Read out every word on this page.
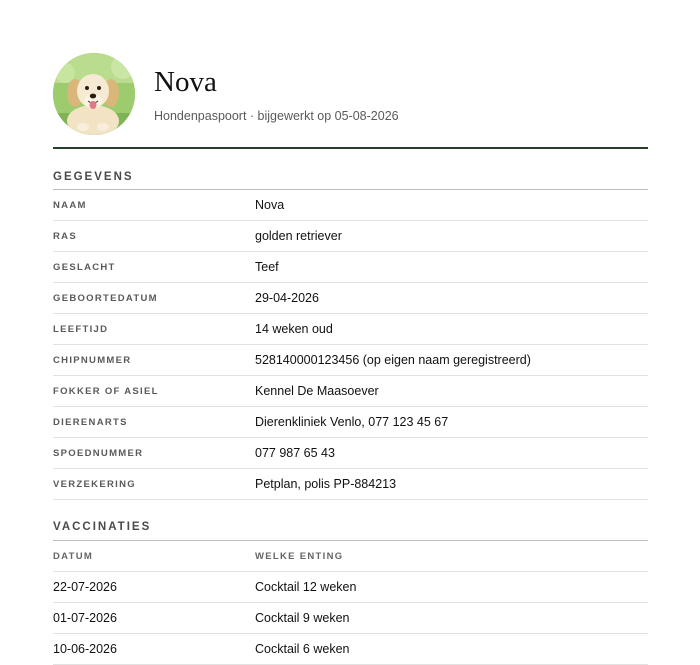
Nova

Hondenpaspoort · bijgewerkt op 05-08-2026

GEGEVENS
NAAM	Nova
RAS	golden retriever
GESLACHT	Teef
GEBOORTEDATUM	29-04-2026
LEEFTIJD	14 weken oud
CHIPNUMMER	528140000123456 (op eigen naam geregistreerd)
FOKKER OF ASIEL	Kennel De Maasoever
DIERENARTS	Dierenkliniek Venlo, 077 123 45 67
SPOEDNUMMER	077 987 65 43
VERZEKERING	Petplan, polis PP-884213
VACCINATIES
DATUM	WELKE ENTING
22-07-2026	Cocktail 12 weken
01-07-2026	Cocktail 9 weken
10-06-2026	Cocktail 6 weken
